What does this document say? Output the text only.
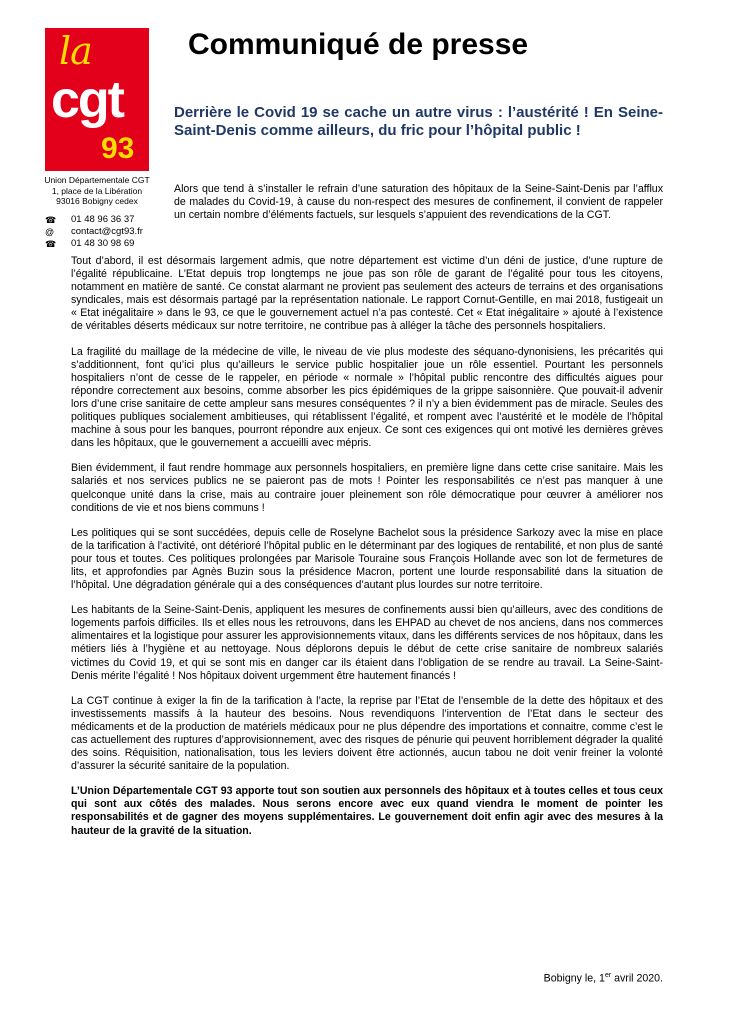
la
cgt
93
Union Départementale CGT
1, place de la Libération
93016 Bobigny cedex
☎	01 48 96 36 37
@	contact@cgt93.fr
☎	01 48 30 98 69
Communiqué de presse
Derrière le Covid 19 se cache un autre virus : l’austérité ! En Seine-Saint-Denis comme ailleurs, du fric pour l’hôpital public !
Alors que tend à s’installer le refrain d’une saturation des hôpitaux de la Seine-Saint-Denis par l’afflux de malades du Covid-19, à cause du non-respect des mesures de confinement, il convient de rappeler un certain nombre d’éléments factuels, sur lesquels s’appuient des revendications de la CGT.

Tout d’abord, il est désormais largement admis, que notre département est victime d’un déni de justice, d’une rupture de l’égalité républicaine. L’Etat depuis trop longtemps ne joue pas son rôle de garant de l’égalité pour tous les citoyens, notamment en matière de santé. Ce constat alarmant ne provient pas seulement des acteurs de terrains et des organisations syndicales, mais est désormais partagé par la représentation nationale. Le rapport Cornut-Gentille, en mai 2018, fustigeait un « Etat inégalitaire » dans le 93, ce que le gouvernement actuel n’a pas contesté. Cet « Etat inégalitaire » ajouté à l’existence de véritables déserts médicaux sur notre territoire, ne contribue pas à alléger la tâche des personnels hospitaliers.

La fragilité du maillage de la médecine de ville, le niveau de vie plus modeste des séquano-dynonisiens, les précarités qui s’additionnent, font qu’ici plus qu’ailleurs le service public hospitalier joue un rôle essentiel. Pourtant les personnels hospitaliers n’ont de cesse de le rappeler, en période « normale » l’hôpital public rencontre des difficultés aigues pour répondre correctement aux besoins, comme absorber les pics épidémiques de la grippe saisonnière. Que pouvait-il advenir lors d’une crise sanitaire de cette ampleur sans mesures conséquentes ? il n’y a bien évidemment pas de miracle. Seules des politiques publiques socialement ambitieuses, qui rétablissent l’égalité, et rompent avec l’austérité et le modèle de l’hôpital machine à sous pour les banques, pourront répondre aux enjeux. Ce sont ces exigences qui ont motivé les dernières grèves dans les hôpitaux, que le gouvernement a accueilli avec mépris.

Bien évidemment, il faut rendre hommage aux personnels hospitaliers, en première ligne dans cette crise sanitaire. Mais les salariés et nos services publics ne se paieront pas de mots ! Pointer les responsabilités ce n’est pas manquer à une quelconque unité dans la crise, mais au contraire jouer pleinement son rôle démocratique pour œuvrer à améliorer nos conditions de vie et nos biens communs !

Les politiques qui se sont succédées, depuis celle de Roselyne Bachelot sous la présidence Sarkozy avec la mise en place de la tarification à l’activité, ont détérioré l’hôpital public en le déterminant par des logiques de rentabilité, et non plus de santé pour tous et toutes. Ces politiques prolongées par Marisole Touraine sous François Hollande avec son lot de fermetures de lits, et approfondies par Agnès Buzin sous la présidence Macron, portent une lourde responsabilité dans la situation de l’hôpital. Une dégradation générale qui a des conséquences d’autant plus lourdes sur notre territoire.

Les habitants de la Seine-Saint-Denis, appliquent les mesures de confinements aussi bien qu’ailleurs, avec des conditions de logements parfois difficiles. Ils et elles nous les retrouvons, dans les EHPAD au chevet de nos anciens, dans nos commerces alimentaires et la logistique pour assurer les approvisionnements vitaux, dans les différents services de nos hôpitaux, dans les métiers liés à l’hygiène et au nettoyage. Nous déplorons depuis le début de cette crise sanitaire de nombreux salariés victimes du Covid 19, et qui se sont mis en danger car ils étaient dans l’obligation de se rendre au travail. La Seine-Saint-Denis mérite l’égalité ! Nos hôpitaux doivent urgemment être hautement financés !

La CGT continue à exiger la fin de la tarification à l’acte, la reprise par l’Etat de l’ensemble de la dette des hôpitaux et des investissements massifs à la hauteur des besoins. Nous revendiquons l’intervention de l’Etat dans le secteur des médicaments et de la production de matériels médicaux pour ne plus dépendre des importations et connaitre, comme c’est le cas actuellement des ruptures d’approvisionnement, avec des risques de pénurie qui peuvent horriblement dégrader la qualité des soins. Réquisition, nationalisation, tous les leviers doivent être actionnés, aucun tabou ne doit venir freiner la volonté d’assurer la sécurité sanitaire de la population.

L’Union Départementale CGT 93 apporte tout son soutien aux personnels des hôpitaux et à toutes celles et tous ceux qui sont aux côtés des malades. Nous serons encore avec eux quand viendra le moment de pointer les responsabilités et de gagner des moyens supplémentaires. Le gouvernement doit enfin agir avec des mesures à la hauteur de la gravité de la situation.

Bobigny le, 1er avril 2020.
